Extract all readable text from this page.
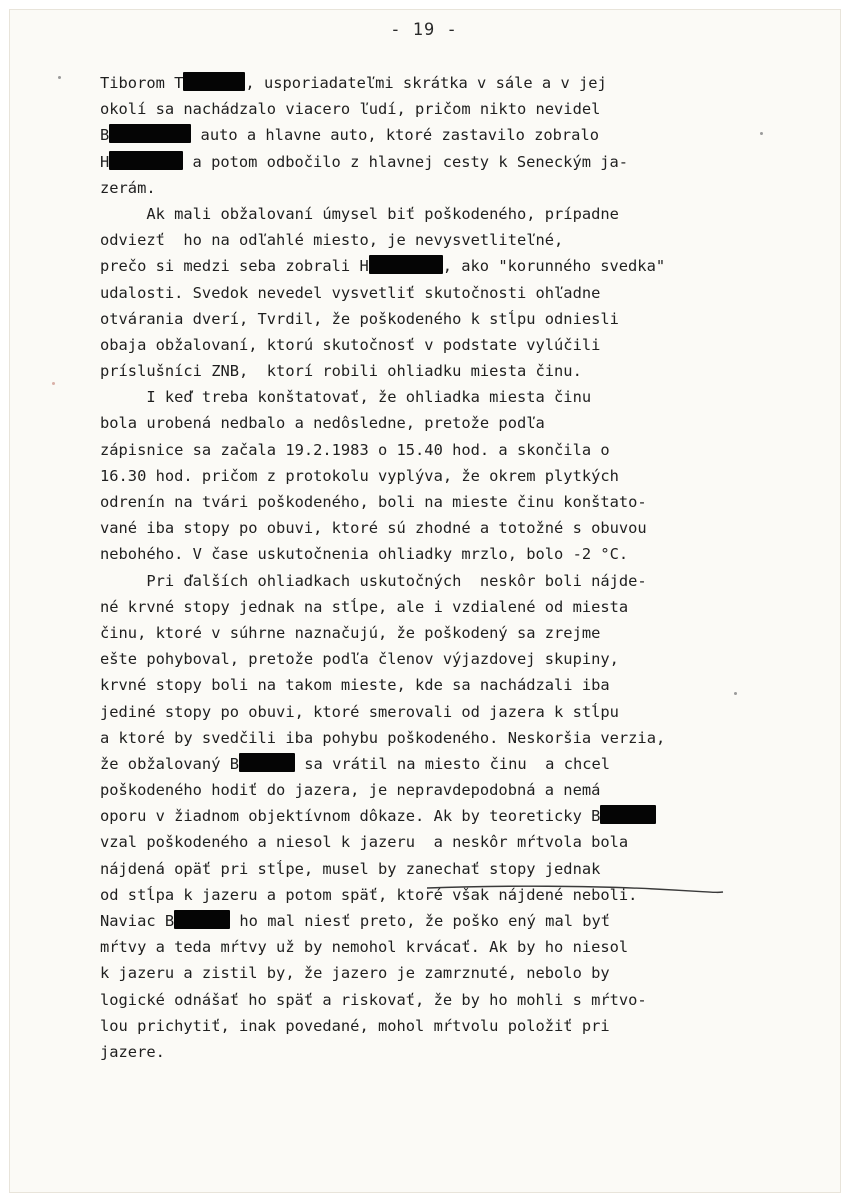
- 19 -
Tiborom T	, usporiadateľmi skrátka v sále a v jej
okolí sa nachádzalo viacero ľudí, pričom nikto nevidel
B	auto a hlavne auto, ktoré zastavilo zobralo
H	a potom odbočilo z hlavnej cesty k Seneckým ja-
zerám.
Ak mali obžalovaní úmysel biť poškodeného, prípadne
odviezť  ho na odľahlé miesto, je nevysvetliteľné,
prečo si medzi seba zobrali H	, ako "korunného svedka"
udalosti. Svedok nevedel vysvetliť skutočnosti ohľadne
otvárania dverí, Tvrdil, že poškodeného k stĺpu odniesli
obaja obžalovaní, ktorú skutočnosť v podstate vylúčili
príslušníci ZNB,  ktorí robili ohliadku miesta činu.
I keď treba konštatovať, že ohliadka miesta činu
bola urobená nedbalo a nedôsledne, pretože podľa
zápisnice sa začala 19.2.1983 o 15.40 hod. a skončila o
16.30 hod. pričom z protokolu vyplýva, že okrem plytkých
odrenín na tvári poškodeného, boli na mieste činu konštato-
vané iba stopy po obuvi, ktoré sú zhodné a totožné s obuvou
nebohého. V čase uskutočnenia ohliadky mrzlo, bolo -2 °C.
Pri ďalších ohliadkach uskutočných  neskôr boli nájde-
né krvné stopy jednak na stĺpe, ale i vzdialené od miesta
činu, ktoré v súhrne naznačujú, že poškodený sa zrejme
ešte pohyboval, pretože podľa členov výjazdovej skupiny,
krvné stopy boli na takom mieste, kde sa nachádzali iba
jediné stopy po obuvi, ktoré smerovali od jazera k stĺpu
a ktoré by svedčili iba pohybu poškodeného. Neskoršia verzia,
že obžalovaný B	sa vrátil na miesto činu  a chcel
poškodeného hodiť do jazera, je nepravdepodobná a nemá
oporu v žiadnom objektívnom dôkaze. Ak by teoreticky B
vzal poškodeného a niesol k jazeru  a neskôr mŕtvola bola
nájdená opäť pri stĺpe, musel by zanechať stopy jednak
od stĺpa k jazeru a potom späť, ktoré však nájdené neboli.
Naviac B	ho mal niesť preto, že poško ený mal byť
mŕtvy a teda mŕtvy už by nemohol krvácať. Ak by ho niesol
k jazeru a zistil by, že jazero je zamrznuté, nebolo by
logické odnášať ho späť a riskovať, že by ho mohli s mŕtvo-
lou prichytiť, inak povedané, mohol mŕtvolu položiť pri
jazere.
